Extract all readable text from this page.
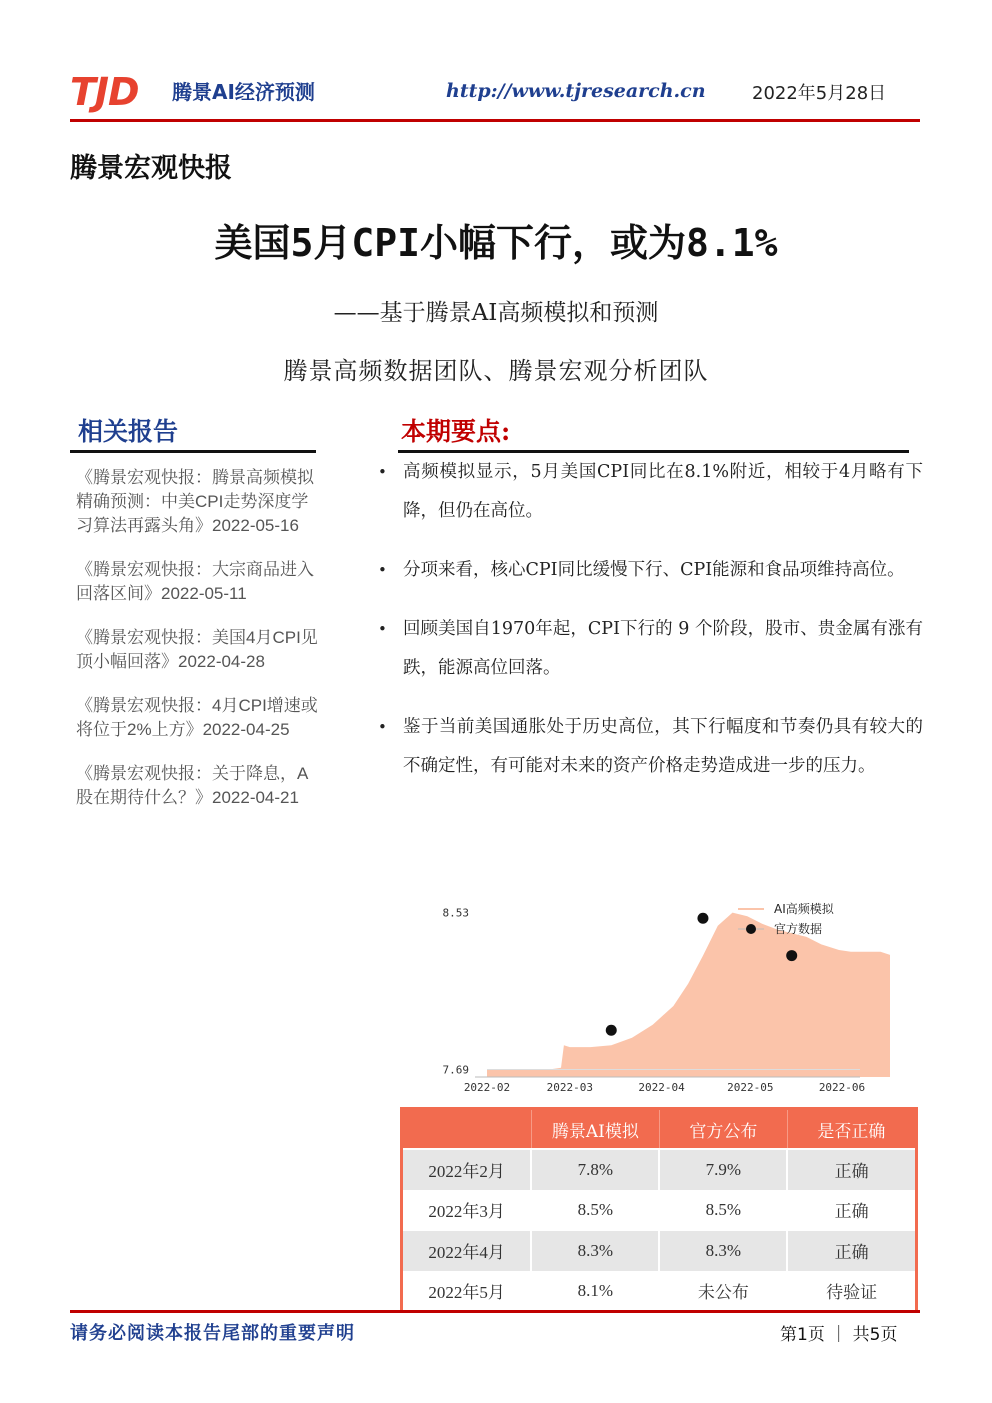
TJD 腾景AI经济预测	http://www.tjresearch.cn	2022年5月28日
腾景宏观快报
美国5月CPI小幅下行，或为8.1%
——基于腾景AI高频模拟和预测
腾景高频数据团队、腾景宏观分析团队
相关报告
《腾景宏观快报：腾景高频模拟精确预测：中美CPI走势深度学习算法再露头角》2022-05-16
《腾景宏观快报：大宗商品进入回落区间》2022-05-11
《腾景宏观快报：美国4月CPI见顶小幅回落》2022-04-28
《腾景宏观快报：4月CPI增速或将位于2%上方》2022-04-25
《腾景宏观快报：关于降息，A股在期待什么？》2022-04-21
本期要点:
• 高频模拟显示，5月美国CPI同比在8.1%附近，相较于4月略有下降，但仍在高位。
• 分项来看，核心CPI同比缓慢下行、CPI能源和食品项维持高位。
• 回顾美国自1970年起，CPI下行的 9 个阶段，股市、贵金属有涨有跌，能源高位回落。
• 鉴于当前美国通胀处于历史高位，其下行幅度和节奏仍具有较大的不确定性，有可能对未来的资产价格走势造成进一步的压力。
8.53
7.69
2022-02	2022-03	2022-04	2022-05	2022-06
AI高频模拟
官方数据
	腾景AI模拟	官方公布	是否正确
2022年2月	7.8%	7.9%	正确
2022年3月	8.5%	8.5%	正确
2022年4月	8.3%	8.3%	正确
2022年5月	8.1%	未公布	待验证
请务必阅读本报告尾部的重要声明	第1页 ｜ 共5页
